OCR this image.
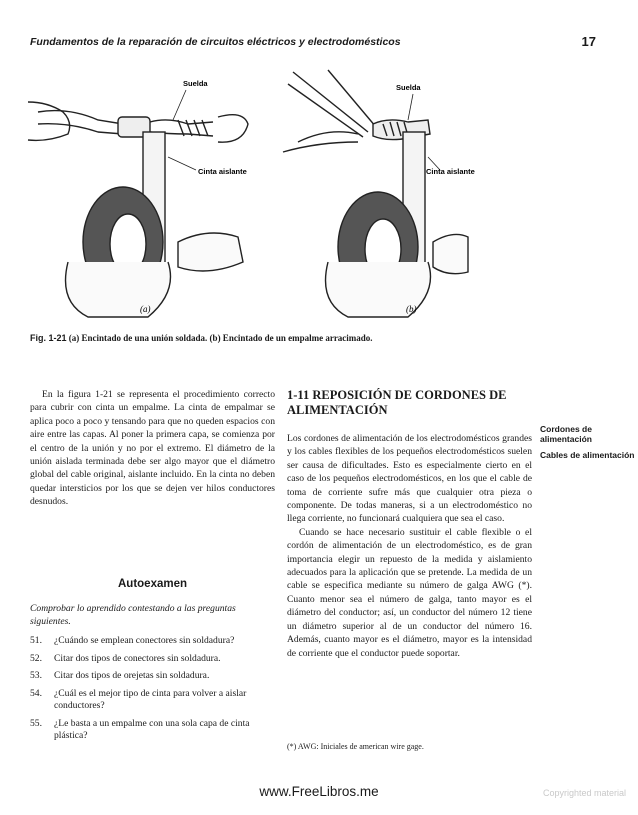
Fundamentos de la reparación de circuitos eléctricos y electrodomésticos	17
Suelda
Cinta aislante
(a)
Suelda
Cinta aislante
(b)
Fig. 1-21 (a) Encintado de una unión soldada. (b) Encintado de un empalme arracimado.

En la figura 1-21 se representa el procedimiento correcto para cubrir con cinta un empalme. La cinta de empalmar se aplica poco a poco y tensando para que no queden espacios con aire entre las capas. Al poner la primera capa, se comienza por el centro de la unión y no por el extremo. El diámetro de la unión aislada terminada debe ser algo mayor que el diámetro global del cable original, aislante incluido. En la cinta no deben quedar intersticios por los que se dejen ver hilos conductores desnudos.

Autoexamen
Comprobar lo aprendido contestando a las preguntas siguientes.
51. ¿Cuándo se emplean conectores sin soldadura?
52. Citar dos tipos de conectores sin soldadura.
53. Citar dos tipos de orejetas sin soldadura.
54. ¿Cuál es el mejor tipo de cinta para volver a aislar conductores?
55. ¿Le basta a un empalme con una sola capa de cinta plástica?
1-11 REPOSICIÓN DE CORDONES DE ALIMENTACIÓN

Los cordones de alimentación de los electrodomésticos grandes y los cables flexibles de los pequeños electrodomésticos suelen ser causa de dificultades. Esto es especialmente cierto en el caso de los pequeños electrodomésticos, en los que el cable de toma de corriente sufre más que cualquier otra pieza o componente. De todas maneras, si a un electrodoméstico no llega corriente, no funcionará cualquiera que sea el caso.

Cuando se hace necesario sustituir el cable flexible o el cordón de alimentación de un electrodoméstico, es de gran importancia elegir un repuesto de la medida y aislamiento adecuados para la aplicación que se pretende. La medida de un cable se especifica mediante su número de galga AWG (*). Cuanto menor sea el número de galga, tanto mayor es el diámetro del conductor; así, un conductor del número 12 tiene un diámetro superior al de un conductor del número 16. Además, cuanto mayor es el diámetro, mayor es la intensidad de corriente que el conductor puede soportar.

Cordones de alimentación
Cables de alimentación
(*) AWG: Iniciales de american wire gage.
www.FreeLibros.me	Copyrighted material
